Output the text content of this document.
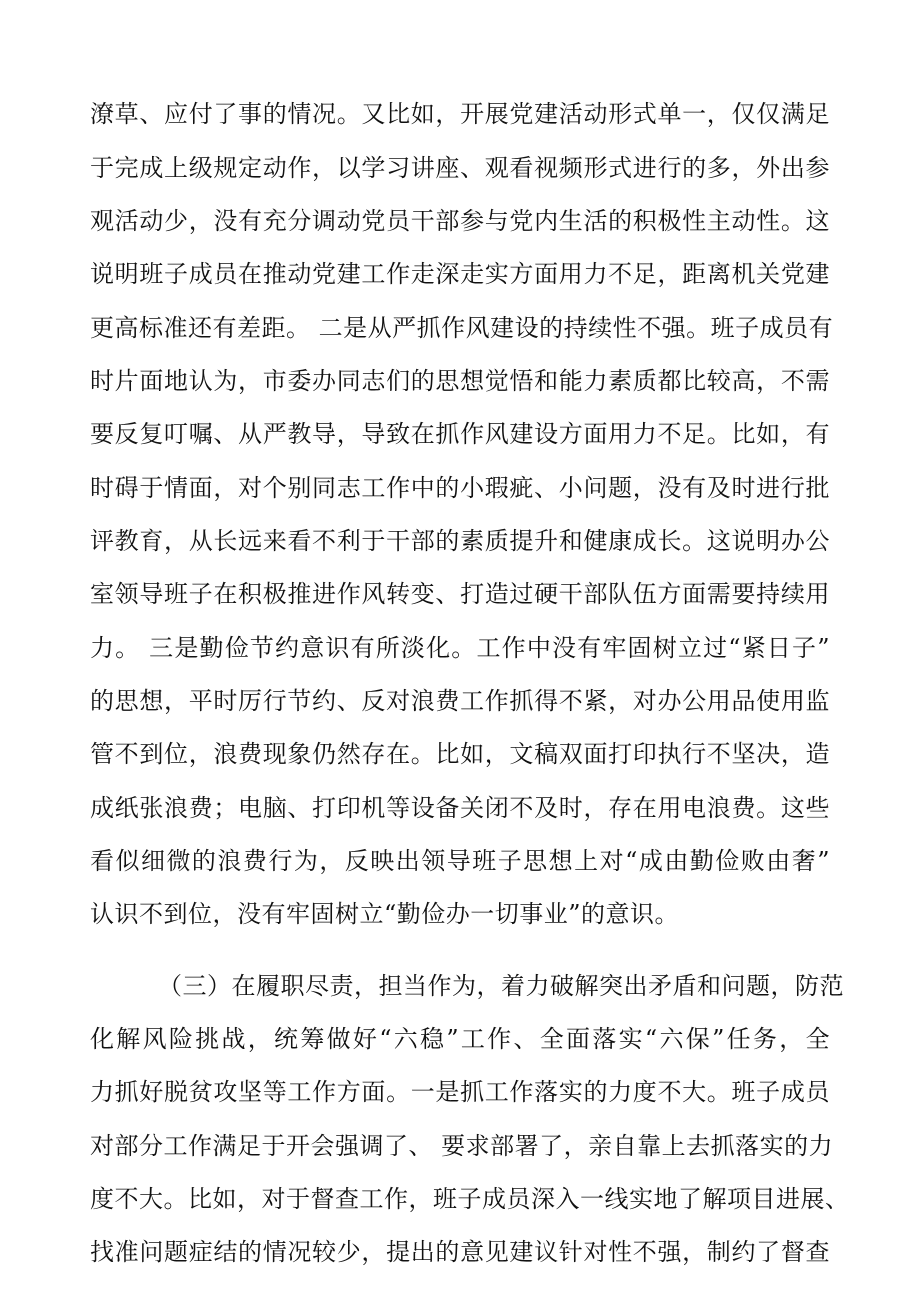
潦草、应付了事的情况。又比如，开展党建活动形式单一，仅仅满足
于完成上级规定动作，以学习讲座、观看视频形式进行的多，外出参
观活动少，没有充分调动党员干部参与党内生活的积极性主动性。这
说明班子成员在推动党建工作走深走实方面用力不足，距离机关党建
更高标准还有差距。 二是从严抓作风建设的持续性不强。班子成员有
时片面地认为，市委办同志们的思想觉悟和能力素质都比较高，不需
要反复叮嘱、从严教导，导致在抓作风建设方面用力不足。比如，有
时碍于情面，对个别同志工作中的小瑕疵、小问题，没有及时进行批
评教育，从长远来看不利于干部的素质提升和健康成长。这说明办公
室领导班子在积极推进作风转变、打造过硬干部队伍方面需要持续用
力。 三是勤俭节约意识有所淡化。工作中没有牢固树立过“紧日子”
的思想，平时厉行节约、反对浪费工作抓得不紧，对办公用品使用监
管不到位，浪费现象仍然存在。比如，文稿双面打印执行不坚决，造
成纸张浪费；电脑、打印机等设备关闭不及时，存在用电浪费。这些
看似细微的浪费行为，反映出领导班子思想上对“成由勤俭败由奢”
认识不到位，没有牢固树立“勤俭办一切事业”的意识。
（三）在履职尽责，担当作为，着力破解突出矛盾和问题，防范
化解风险挑战，统筹做好“六稳”工作、全面落实“六保”任务，全
力抓好脱贫攻坚等工作方面。一是抓工作落实的力度不大。班子成员
对部分工作满足于开会强调了、 要求部署了，亲自靠上去抓落实的力
度不大。比如，对于督查工作，班子成员深入一线实地了解项目进展、
找准问题症结的情况较少，提出的意见建议针对性不强，制约了督查
